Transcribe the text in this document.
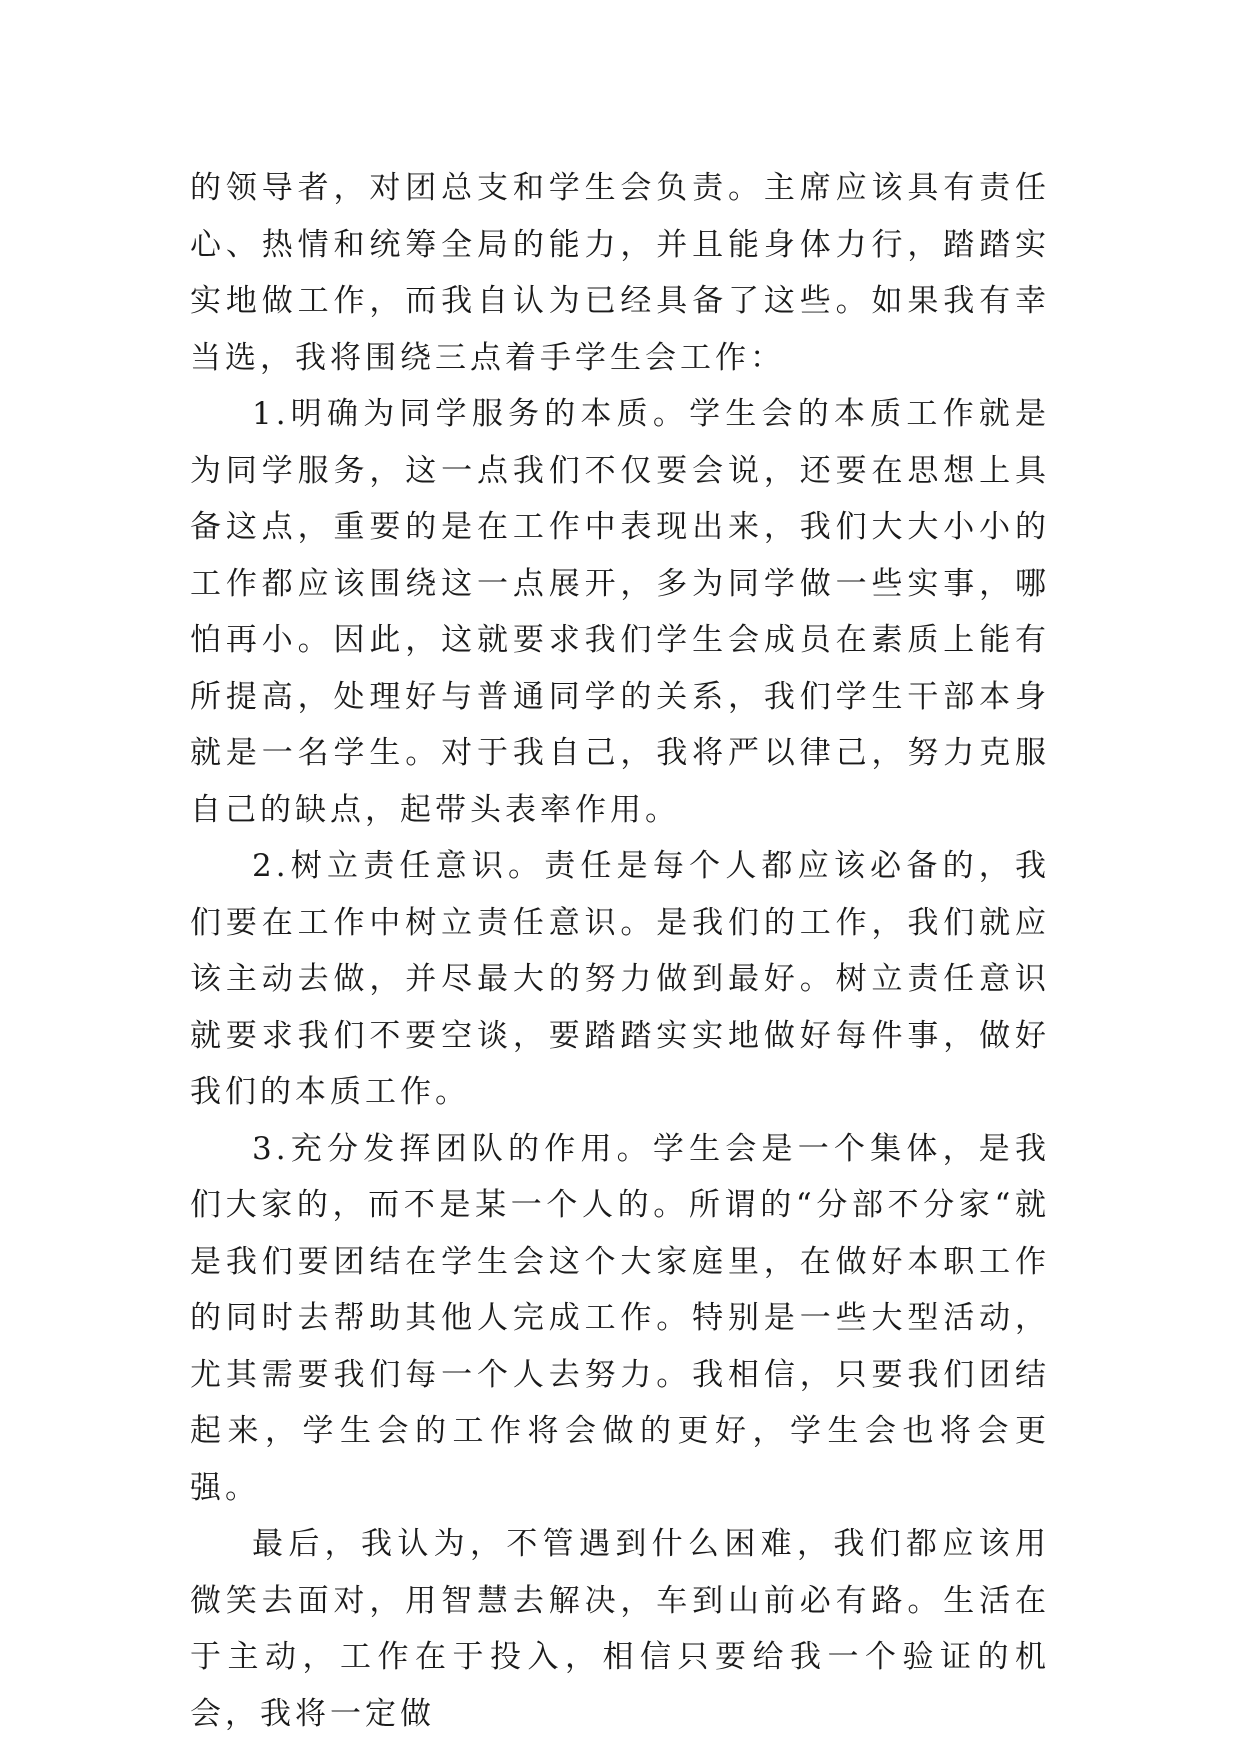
的领导者，对团总支和学生会负责。主席应该具有责任心、热情和统筹全局的能力，并且能身体力行，踏踏实实地做工作，而我自认为已经具备了这些。如果我有幸当选，我将围绕三点着手学生会工作：

1.明确为同学服务的本质。学生会的本质工作就是为同学服务，这一点我们不仅要会说，还要在思想上具备这点，重要的是在工作中表现出来，我们大大小小的工作都应该围绕这一点展开，多为同学做一些实事，哪怕再小。因此，这就要求我们学生会成员在素质上能有所提高，处理好与普通同学的关系，我们学生干部本身就是一名学生。对于我自己，我将严以律己，努力克服自己的缺点，起带头表率作用。

2.树立责任意识。责任是每个人都应该必备的，我们要在工作中树立责任意识。是我们的工作，我们就应该主动去做，并尽最大的努力做到最好。树立责任意识就要求我们不要空谈，要踏踏实实地做好每件事，做好我们的本质工作。

3.充分发挥团队的作用。学生会是一个集体，是我们大家的，而不是某一个人的。所谓的“分部不分家“就是我们要团结在学生会这个大家庭里，在做好本职工作的同时去帮助其他人完成工作。特别是一些大型活动，尤其需要我们每一个人去努力。我相信，只要我们团结起来，学生会的工作将会做的更好，学生会也将会更强。

最后，我认为，不管遇到什么困难，我们都应该用微笑去面对，用智慧去解决，车到山前必有路。生活在于主动，工作在于投入，相信只要给我一个验证的机会，我将一定做
